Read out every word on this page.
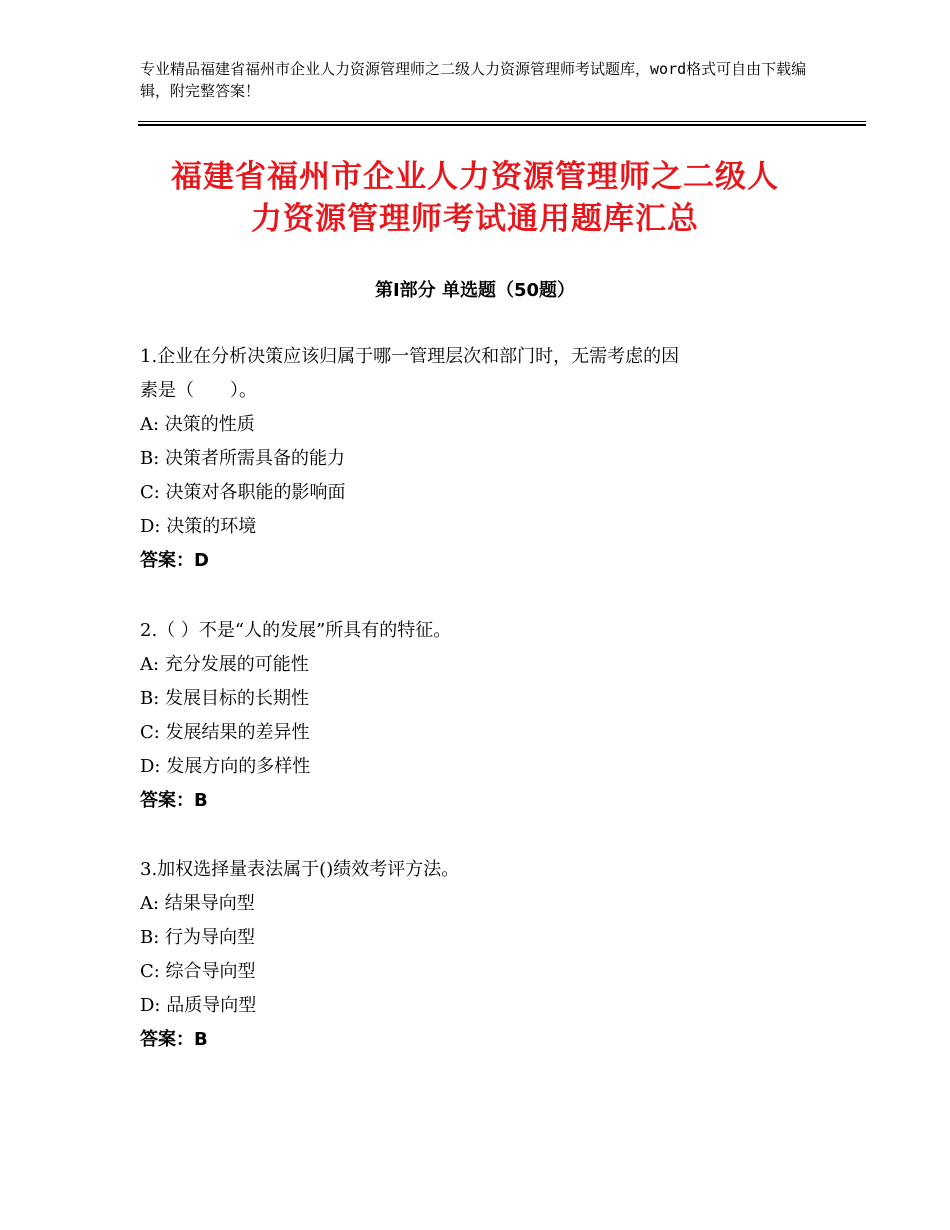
专业精品福建省福州市企业人力资源管理师之二级人力资源管理师考试题库，word格式可自由下载编辑，附完整答案！
福建省福州市企业人力资源管理师之二级人
力资源管理师考试通用题库汇总
第Ⅰ部分 单选题（50题）

1.企业在分析决策应该归属于哪一管理层次和部门时，无需考虑的因

素是（　　）。

A: 决策的性质

B: 决策者所需具备的能力

C: 决策对各职能的影响面

D: 决策的环境

答案：D

2.（ ）不是“人的发展”所具有的特征。

A: 充分发展的可能性

B: 发展目标的长期性

C: 发展结果的差异性

D: 发展方向的多样性

答案：B

3.加权选择量表法属于()绩效考评方法。

A: 结果导向型

B: 行为导向型

C: 综合导向型

D: 品质导向型

答案：B
